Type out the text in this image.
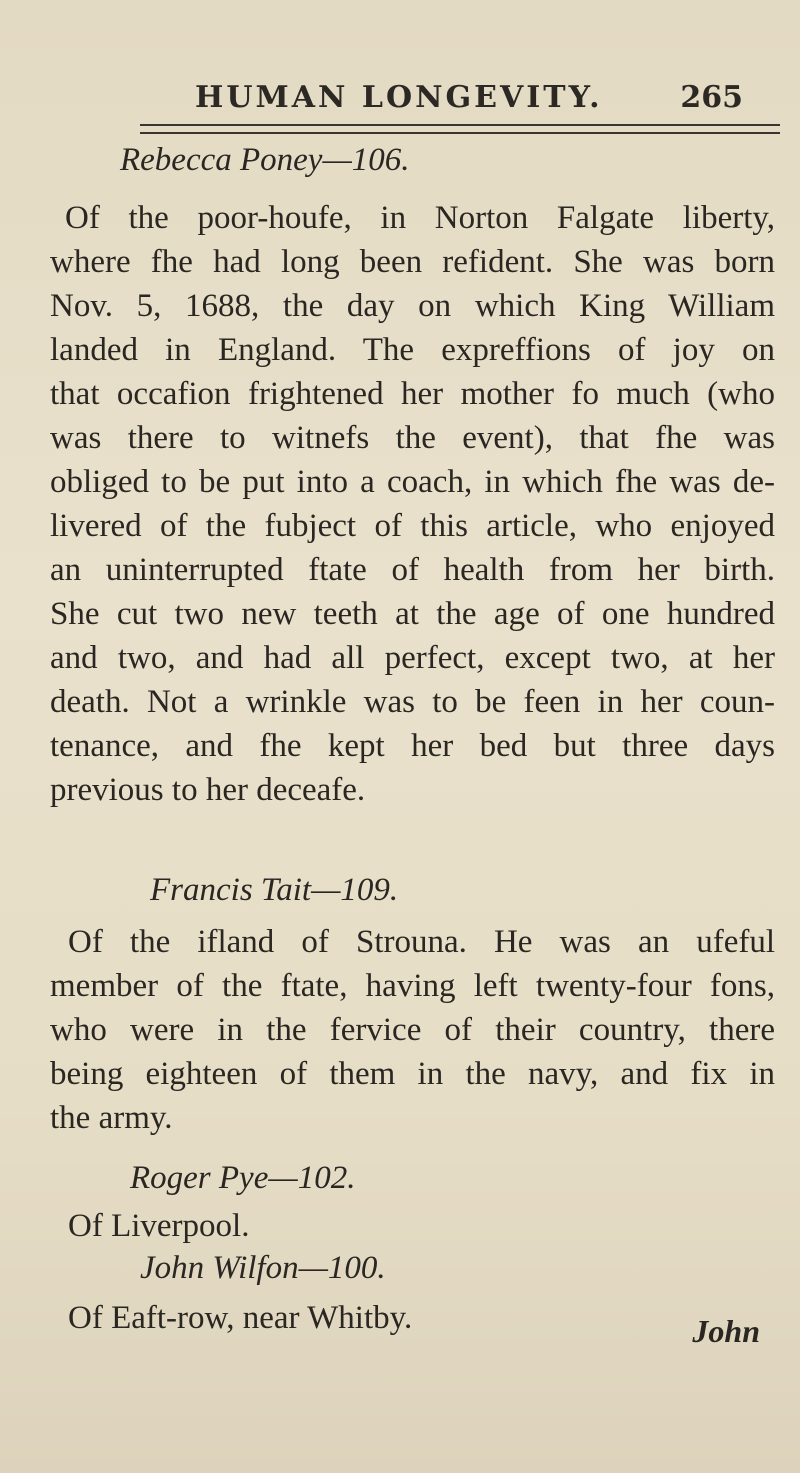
HUMAN LONGEVITY.	265
Rebecca Poney—106.
Of the poor-houfe, in Norton Falgate liberty,
where fhe had long been refident. She was born
Nov. 5, 1688, the day on which King William
landed in England. The expreffions of joy on
that occafion frightened her mother fo much (who
was there to witnefs the event), that fhe was
obliged to be put into a coach, in which fhe was de-
livered of the fubject of this article, who enjoyed
an uninterrupted ftate of health from her birth.
She cut two new teeth at the age of one hundred
and two, and had all perfect, except two, at her
death. Not a wrinkle was to be feen in her coun-
tenance, and fhe kept her bed but three days
previous to her deceafe.
Francis Tait—109.
Of the ifland of Strouna. He was an ufeful
member of the ftate, having left twenty-four fons,
who were in the fervice of their country, there
being eighteen of them in the navy, and fix in
the army.
Roger Pye—102.
Of Liverpool.
John Wilfon—100.
Of Eaft-row, near Whitby.	John
